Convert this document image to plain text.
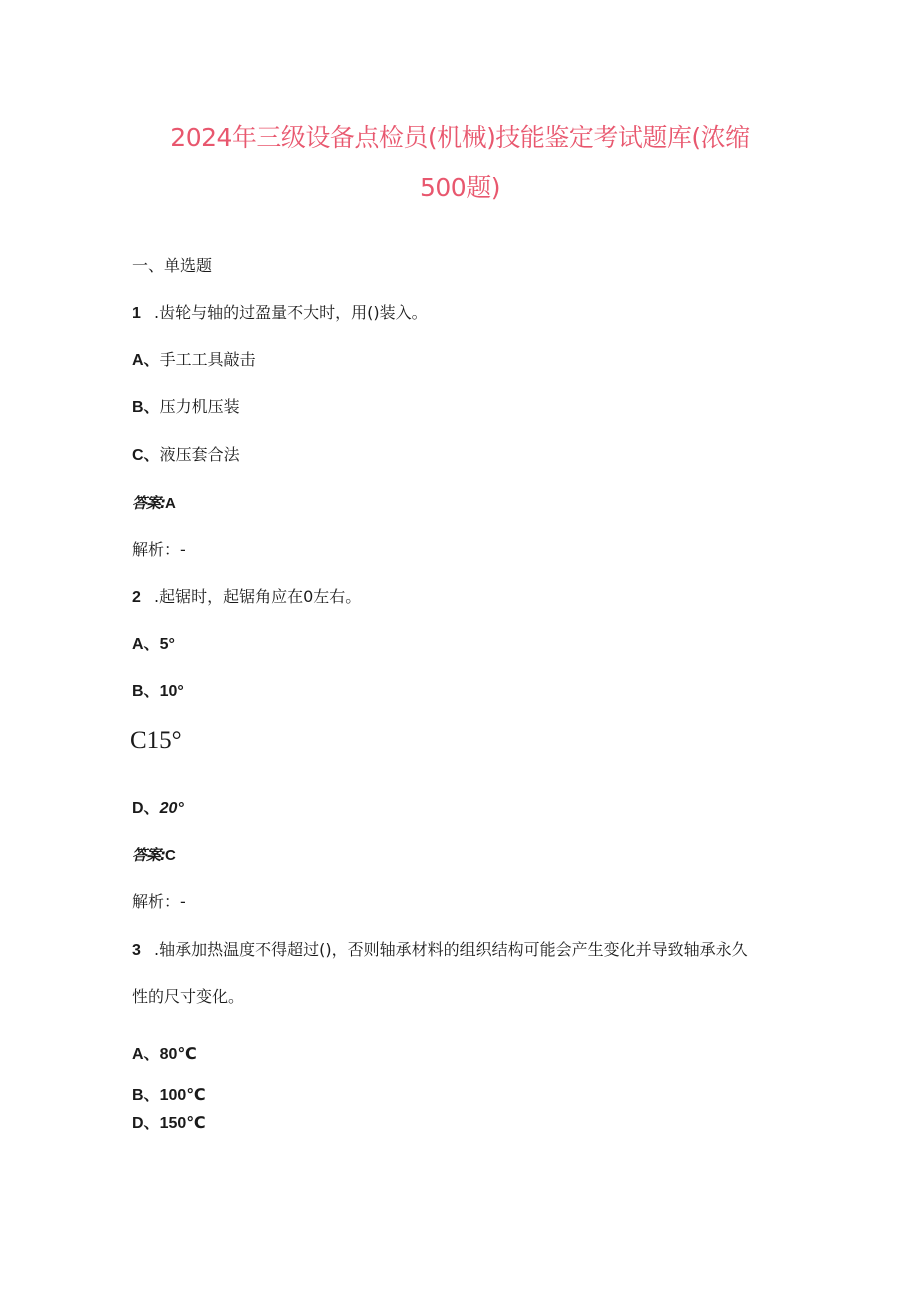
2024年三级设备点检员(机械)技能鉴定考试题库(浓缩
500题)
一、单选题
1 .齿轮与轴的过盈量不大时，用()装入。
A、手工工具敲击
B、压力机压装
C、液压套合法
答案:A
解析：-
2 .起锯时，起锯角应在0左右。
A、5°
B、10°
C15°
D、20°
答案:C
解析：-
3 .轴承加热温度不得超过()，否则轴承材料的组织结构可能会产生变化并导致轴承永久
性的尺寸变化。
A、80℃
B、100℃
D、150℃
